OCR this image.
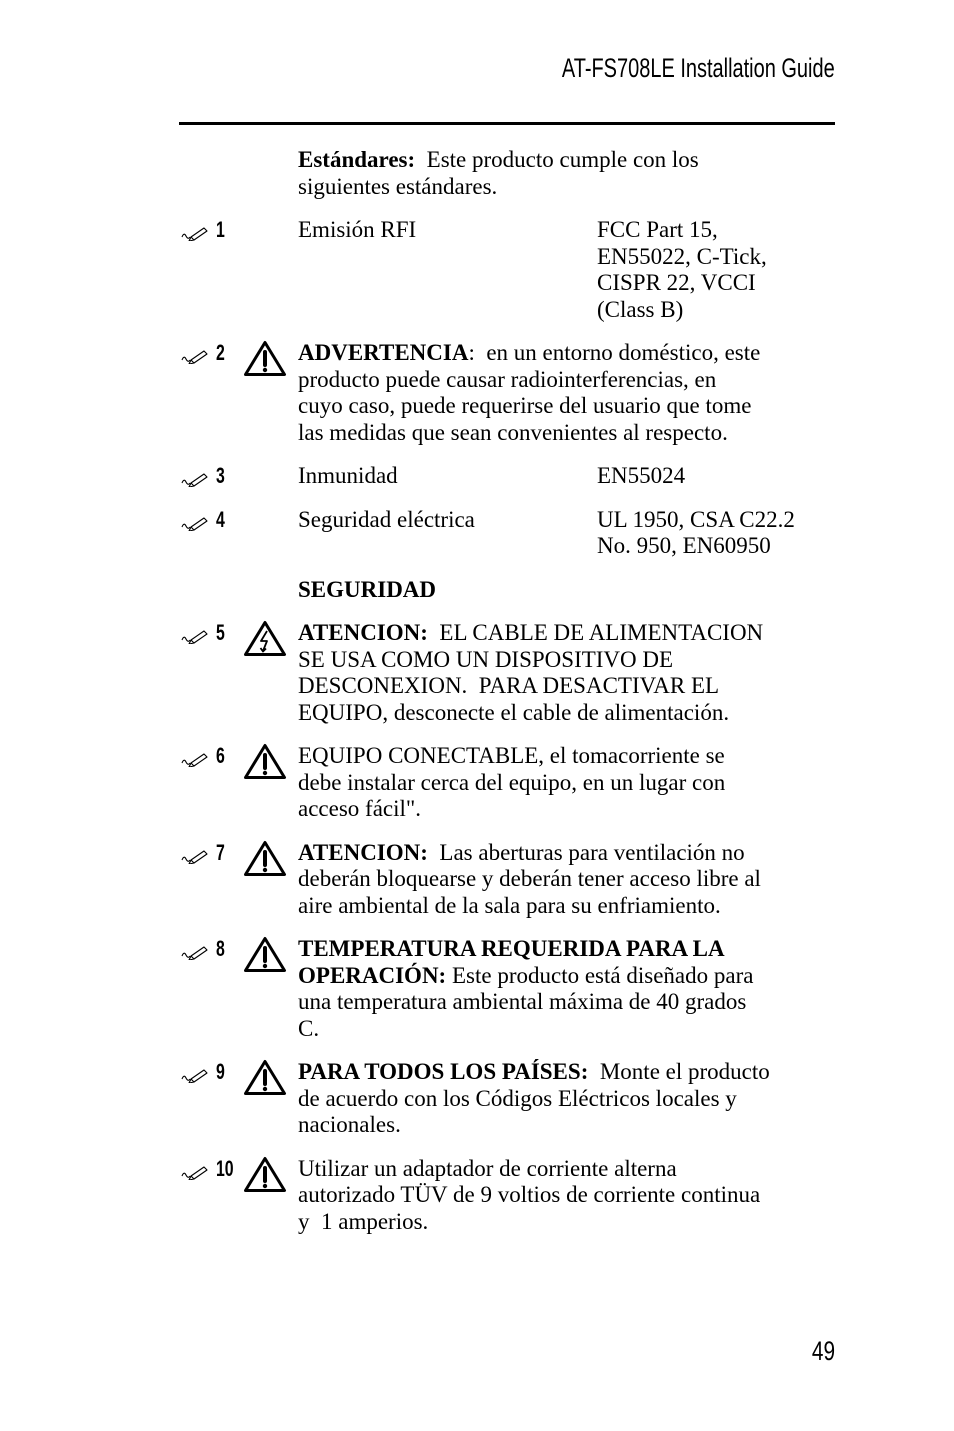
AT-FS708LE Installation Guide
Estándares:  Este producto cumple con los
siguientes estándares.
1	Emisión RFI	FCC Part 15,
EN55022, C-Tick,
CISPR 22, VCCI
(Class B)
2	ADVERTENCIA:  en un entorno doméstico, este
producto puede causar radiointerferencias, en
cuyo caso, puede requerirse del usuario que tome
las medidas que sean convenientes al respecto.
3	Inmunidad	EN55024
4	Seguridad eléctrica	UL 1950, CSA C22.2
No. 950, EN60950
SEGURIDAD
5	ATENCION:  EL CABLE DE ALIMENTACION
SE USA COMO UN DISPOSITIVO DE
DESCONEXION.  PARA DESACTIVAR EL
EQUIPO, desconecte el cable de alimentación.
6	EQUIPO CONECTABLE, el tomacorriente se
debe instalar cerca del equipo, en un lugar con
acceso fácil".
7	ATENCION:  Las aberturas para ventilación no
deberán bloquearse y deberán tener acceso libre al
aire ambiental de la sala para su enfriamiento.
8	TEMPERATURA REQUERIDA PARA LA
OPERACIÓN: Este producto está diseñado para
una temperatura ambiental máxima de 40 grados
C.
9	PARA TODOS LOS PAÍSES:  Monte el producto
de acuerdo con los Códigos Eléctricos locales y
nacionales.
10	Utilizar un adaptador de corriente alterna
autorizado TÜV de 9 voltios de corriente continua
y  1 amperios.
49
